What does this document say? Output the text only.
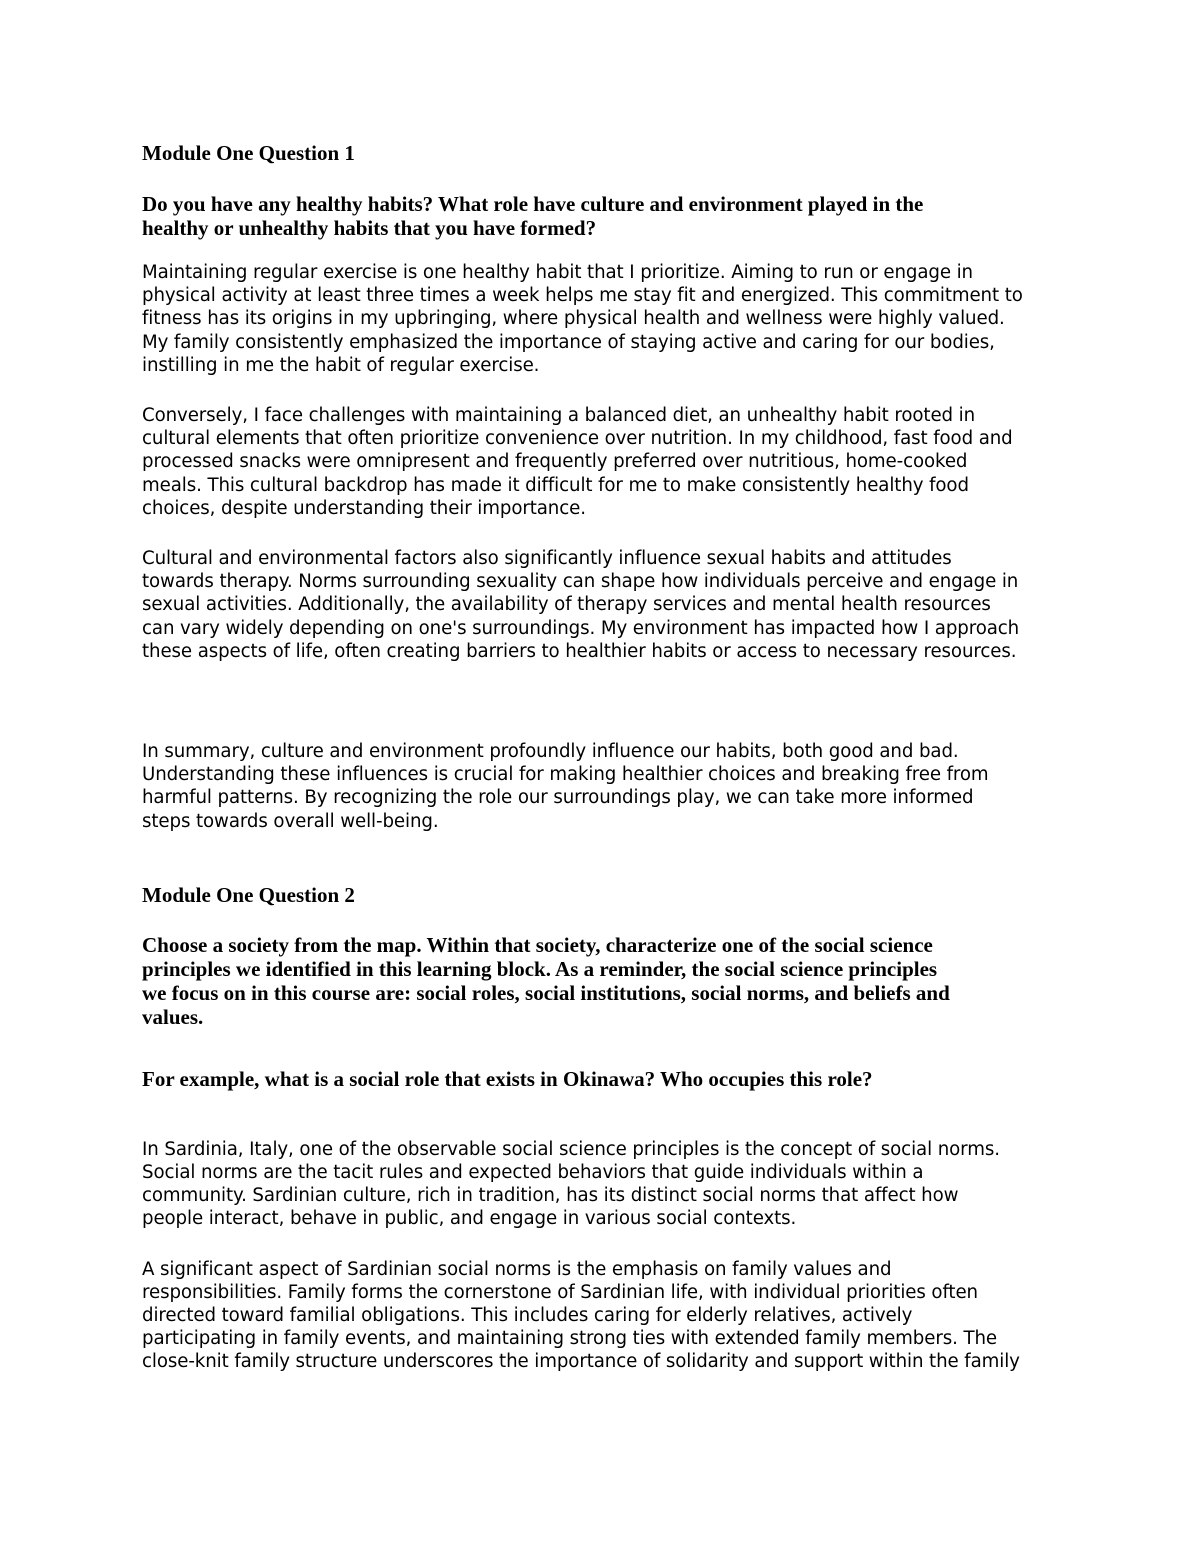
Module One Question 1
Do you have any healthy habits? What role have culture and environment played in the
healthy or unhealthy habits that you have formed?
Maintaining regular exercise is one healthy habit that I prioritize. Aiming to run or engage in
physical activity at least three times a week helps me stay fit and energized. This commitment to
fitness has its origins in my upbringing, where physical health and wellness were highly valued.
My family consistently emphasized the importance of staying active and caring for our bodies,
instilling in me the habit of regular exercise.
Conversely, I face challenges with maintaining a balanced diet, an unhealthy habit rooted in
cultural elements that often prioritize convenience over nutrition. In my childhood, fast food and
processed snacks were omnipresent and frequently preferred over nutritious, home-cooked
meals. This cultural backdrop has made it difficult for me to make consistently healthy food
choices, despite understanding their importance.
Cultural and environmental factors also significantly influence sexual habits and attitudes
towards therapy. Norms surrounding sexuality can shape how individuals perceive and engage in
sexual activities. Additionally, the availability of therapy services and mental health resources
can vary widely depending on one's surroundings. My environment has impacted how I approach
these aspects of life, often creating barriers to healthier habits or access to necessary resources.
In summary, culture and environment profoundly influence our habits, both good and bad.
Understanding these influences is crucial for making healthier choices and breaking free from
harmful patterns. By recognizing the role our surroundings play, we can take more informed
steps towards overall well-being.
Module One Question 2
Choose a society from the map. Within that society, characterize one of the social science
principles we identified in this learning block. As a reminder, the social science principles
we focus on in this course are: social roles, social institutions, social norms, and beliefs and
values.
For example, what is a social role that exists in Okinawa? Who occupies this role?
In Sardinia, Italy, one of the observable social science principles is the concept of social norms.
Social norms are the tacit rules and expected behaviors that guide individuals within a
community. Sardinian culture, rich in tradition, has its distinct social norms that affect how
people interact, behave in public, and engage in various social contexts.
A significant aspect of Sardinian social norms is the emphasis on family values and
responsibilities. Family forms the cornerstone of Sardinian life, with individual priorities often
directed toward familial obligations. This includes caring for elderly relatives, actively
participating in family events, and maintaining strong ties with extended family members. The
close-knit family structure underscores the importance of solidarity and support within the family
